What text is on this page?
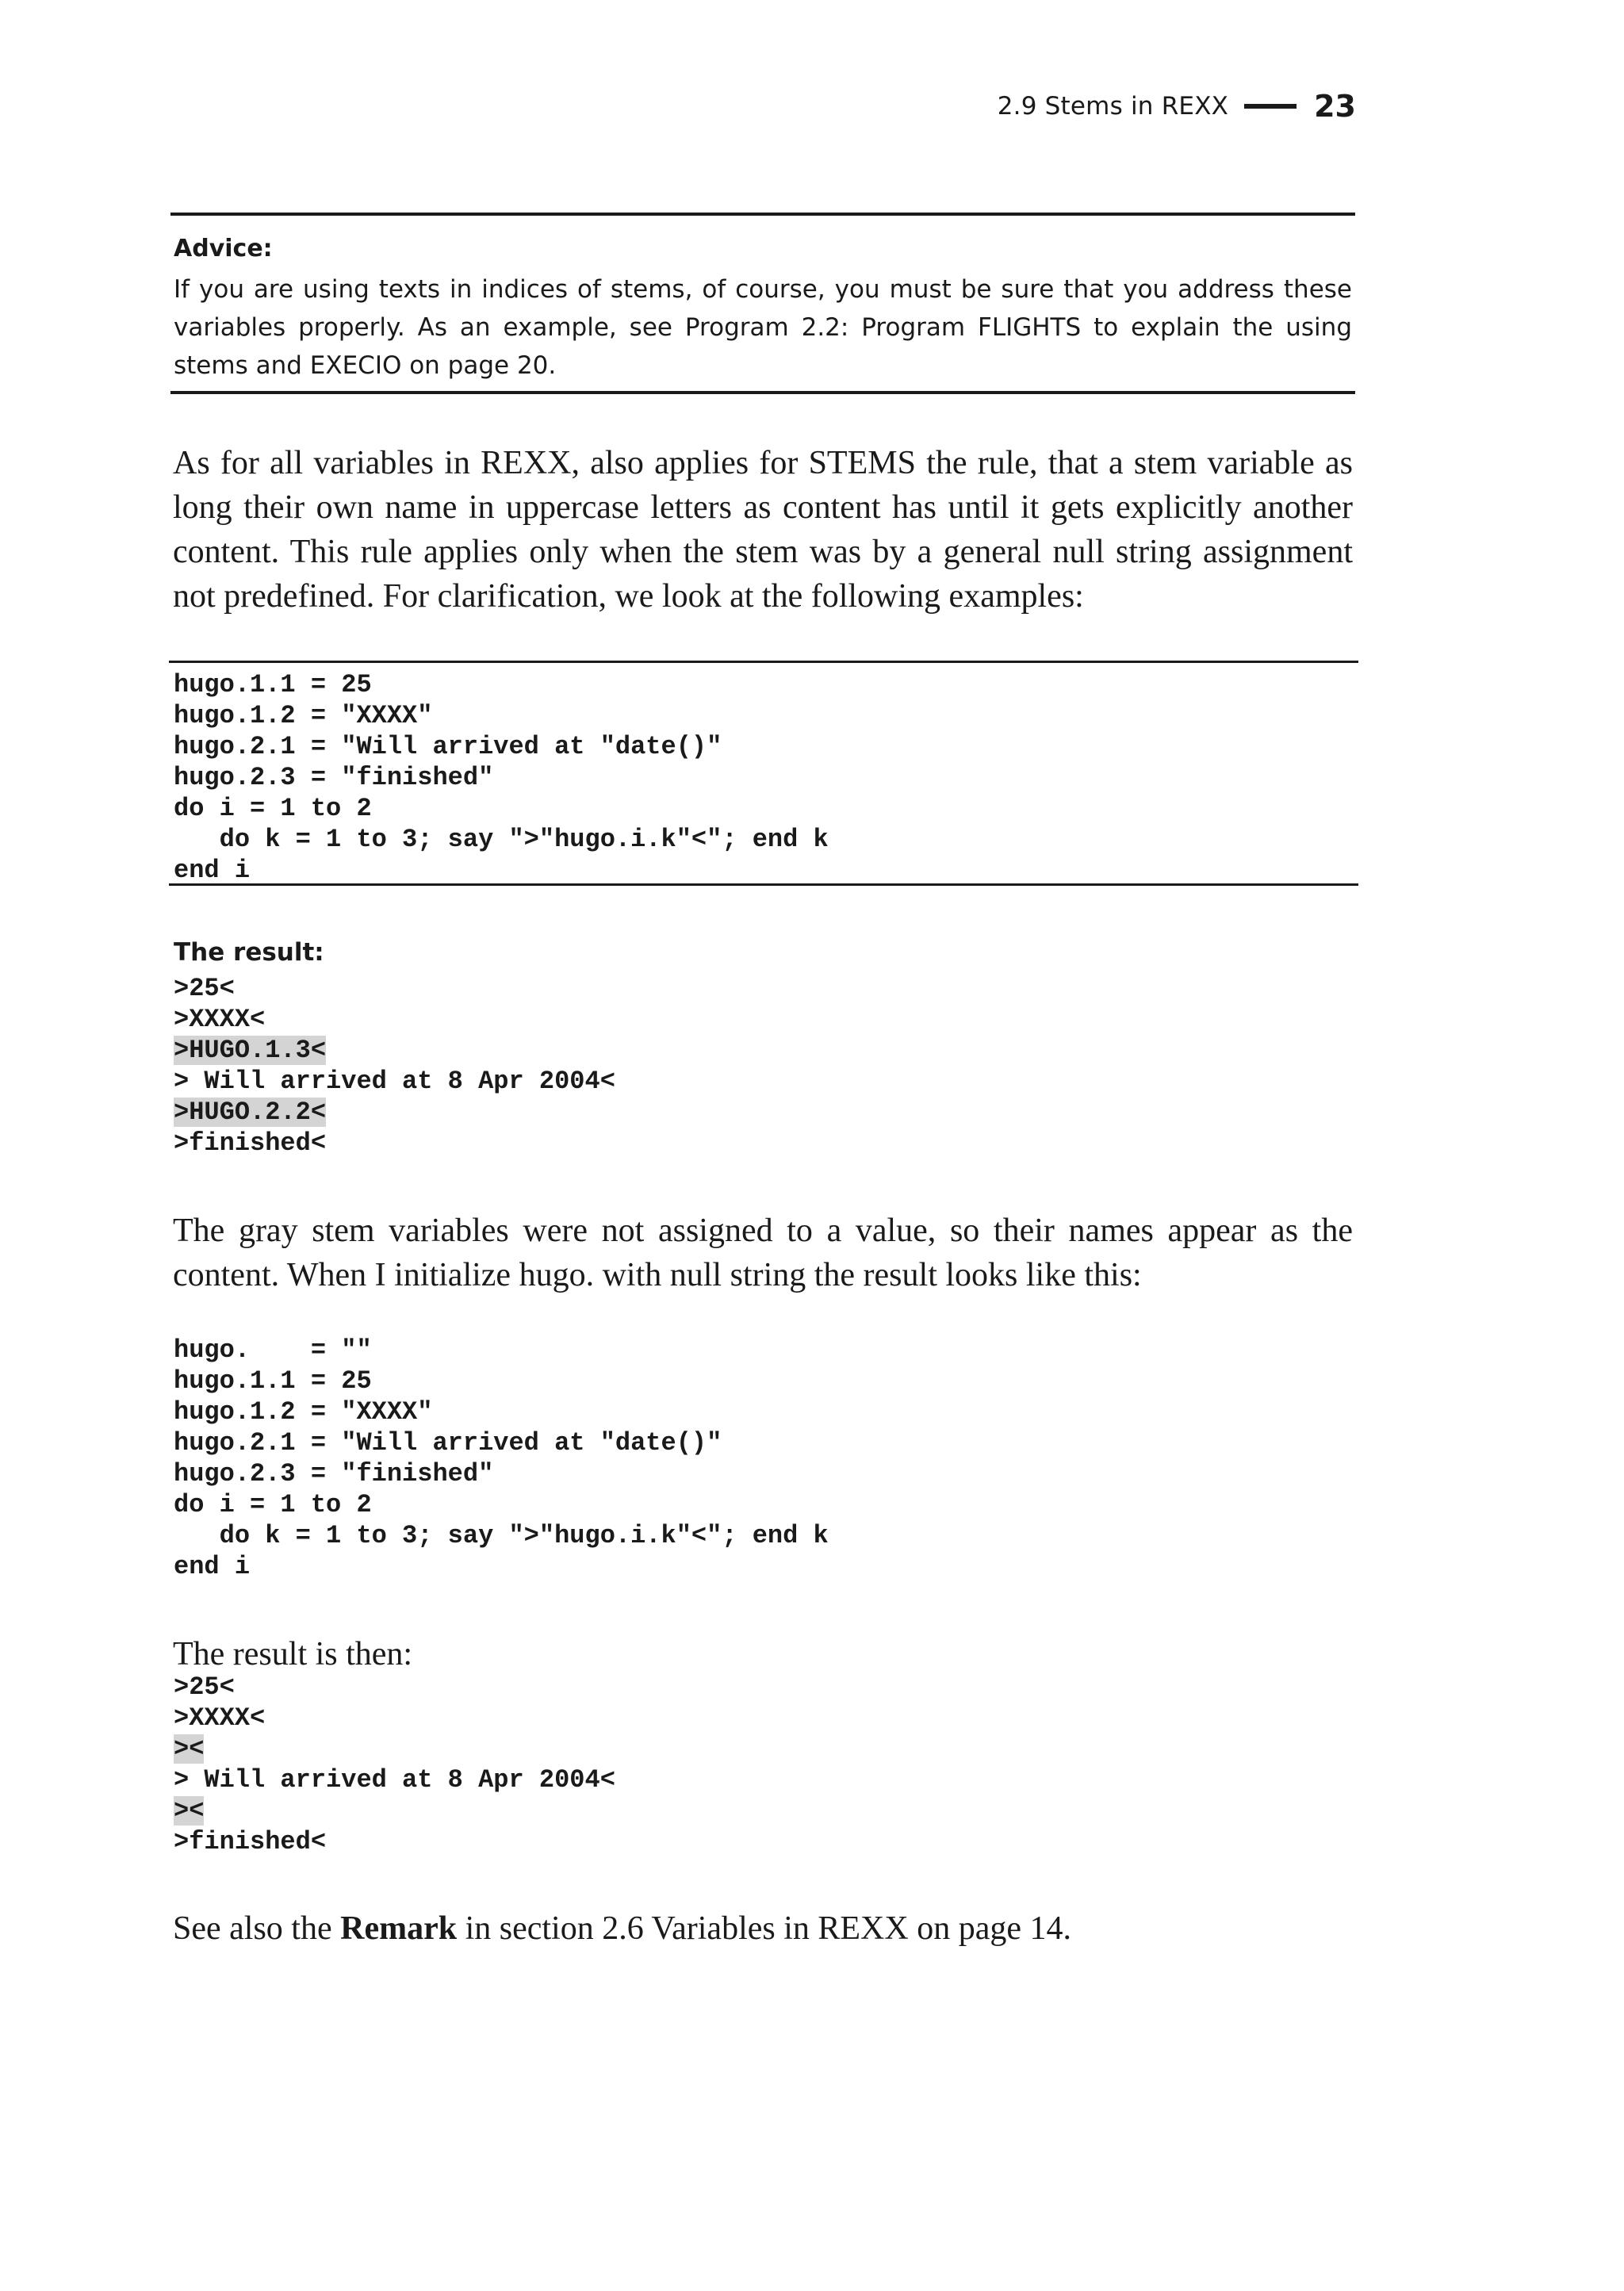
2.9 Stems in REXX	23
Advice:
If you are using texts in indices of stems, of course, you must be sure that you address these variables properly. As an example, see Program 2.2: Program FLIGHTS to explain the using stems and EXECIO on page 20.
As for all variables in REXX, also applies for STEMS the rule, that a stem variable as long their own name in uppercase letters as content has until it gets explicitly another content. This rule applies only when the stem was by a general null string assignment not predefined. For clarification, we look at the following examples:
hugo.1.1 = 25
hugo.1.2 = "XXXX"
hugo.2.1 = "Will arrived at "date()"
hugo.2.3 = "finished"
do i = 1 to 2
do k = 1 to 3; say ">"hugo.i.k"<"; end k
end i
The result:
>25<
>XXXX<
>HUGO.1.3<
> Will arrived at 8 Apr 2004<
>HUGO.2.2<
>finished<
The gray stem variables were not assigned to a value, so their names appear as the content. When I initialize hugo. with null string the result looks like this:
hugo.    = ""
hugo.1.1 = 25
hugo.1.2 = "XXXX"
hugo.2.1 = "Will arrived at "date()"
hugo.2.3 = "finished"
do i = 1 to 2
do k = 1 to 3; say ">"hugo.i.k"<"; end k
end i
The result is then:
>25<
>XXXX<
><
> Will arrived at 8 Apr 2004<
><
>finished<
See also the Remark in section 2.6 Variables in REXX on page 14.
